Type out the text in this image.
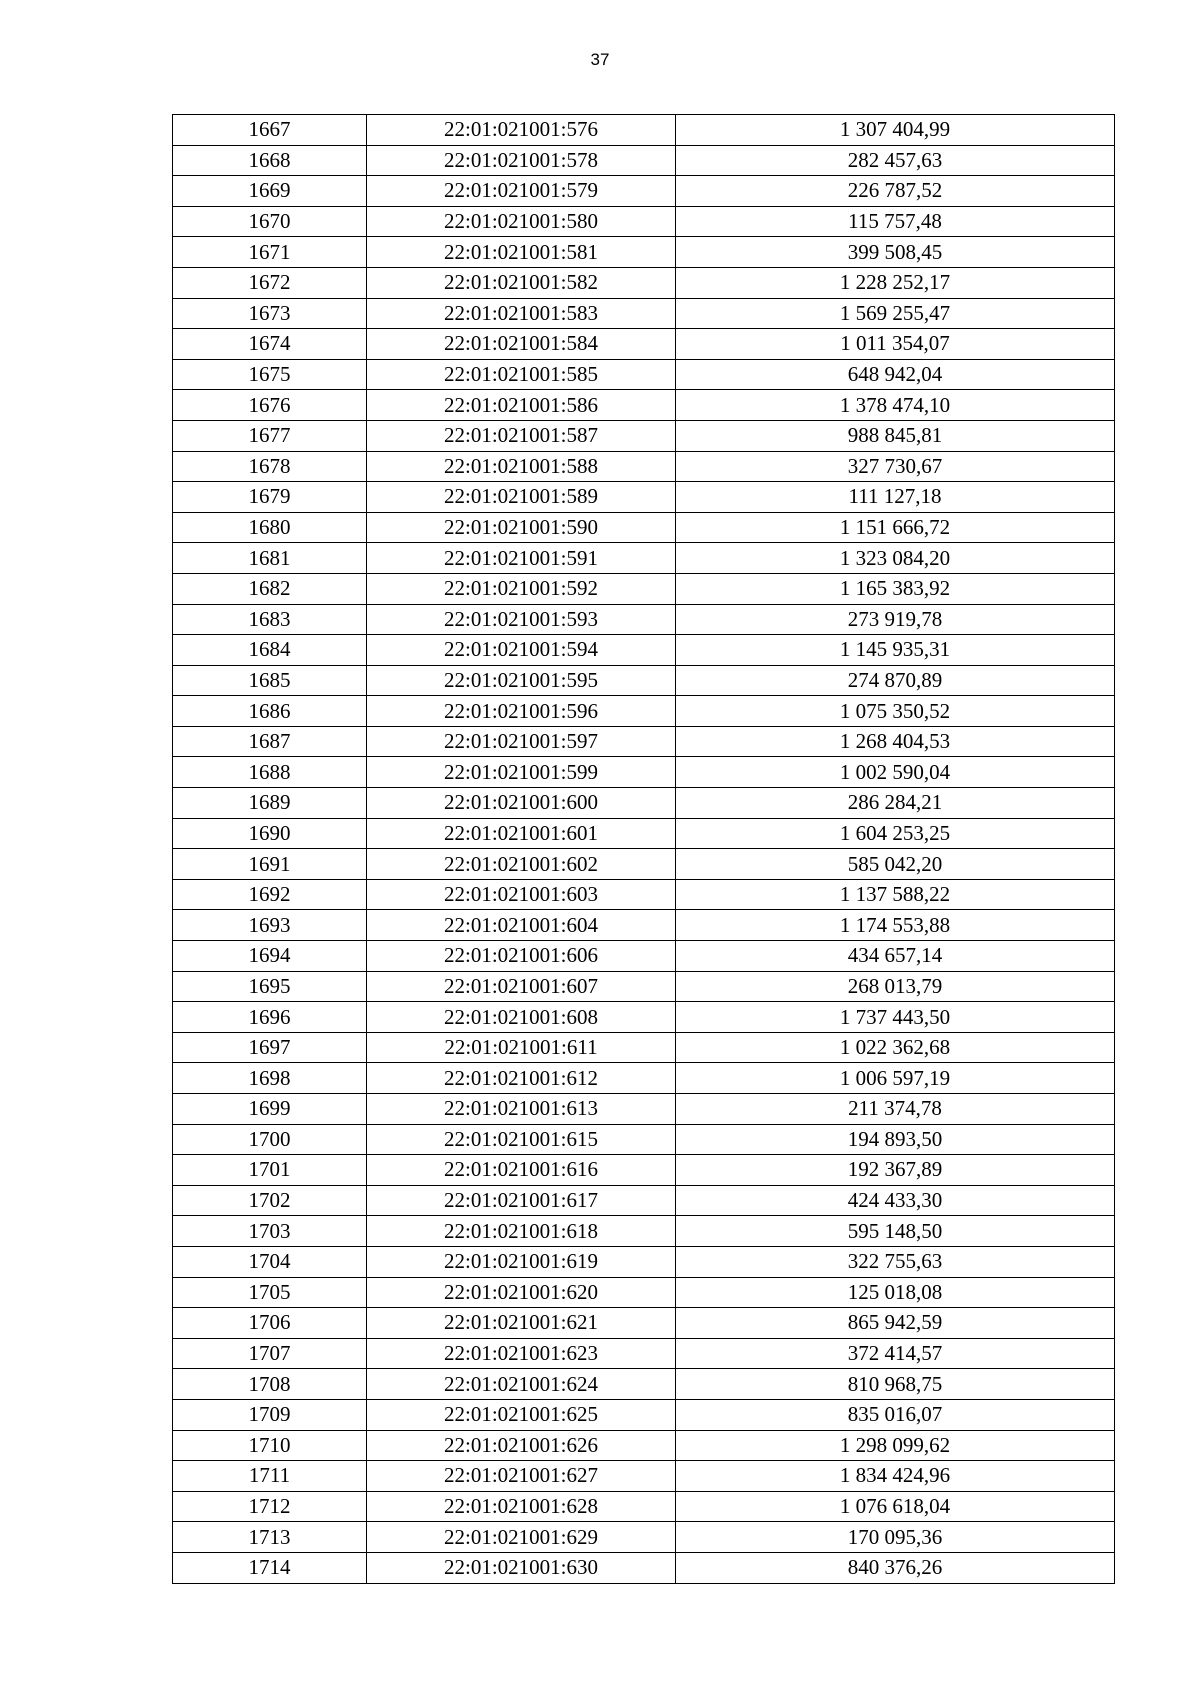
37
1667	22:01:021001:576	1 307 404,99
1668	22:01:021001:578	282 457,63
1669	22:01:021001:579	226 787,52
1670	22:01:021001:580	115 757,48
1671	22:01:021001:581	399 508,45
1672	22:01:021001:582	1 228 252,17
1673	22:01:021001:583	1 569 255,47
1674	22:01:021001:584	1 011 354,07
1675	22:01:021001:585	648 942,04
1676	22:01:021001:586	1 378 474,10
1677	22:01:021001:587	988 845,81
1678	22:01:021001:588	327 730,67
1679	22:01:021001:589	111 127,18
1680	22:01:021001:590	1 151 666,72
1681	22:01:021001:591	1 323 084,20
1682	22:01:021001:592	1 165 383,92
1683	22:01:021001:593	273 919,78
1684	22:01:021001:594	1 145 935,31
1685	22:01:021001:595	274 870,89
1686	22:01:021001:596	1 075 350,52
1687	22:01:021001:597	1 268 404,53
1688	22:01:021001:599	1 002 590,04
1689	22:01:021001:600	286 284,21
1690	22:01:021001:601	1 604 253,25
1691	22:01:021001:602	585 042,20
1692	22:01:021001:603	1 137 588,22
1693	22:01:021001:604	1 174 553,88
1694	22:01:021001:606	434 657,14
1695	22:01:021001:607	268 013,79
1696	22:01:021001:608	1 737 443,50
1697	22:01:021001:611	1 022 362,68
1698	22:01:021001:612	1 006 597,19
1699	22:01:021001:613	211 374,78
1700	22:01:021001:615	194 893,50
1701	22:01:021001:616	192 367,89
1702	22:01:021001:617	424 433,30
1703	22:01:021001:618	595 148,50
1704	22:01:021001:619	322 755,63
1705	22:01:021001:620	125 018,08
1706	22:01:021001:621	865 942,59
1707	22:01:021001:623	372 414,57
1708	22:01:021001:624	810 968,75
1709	22:01:021001:625	835 016,07
1710	22:01:021001:626	1 298 099,62
1711	22:01:021001:627	1 834 424,96
1712	22:01:021001:628	1 076 618,04
1713	22:01:021001:629	170 095,36
1714	22:01:021001:630	840 376,26
